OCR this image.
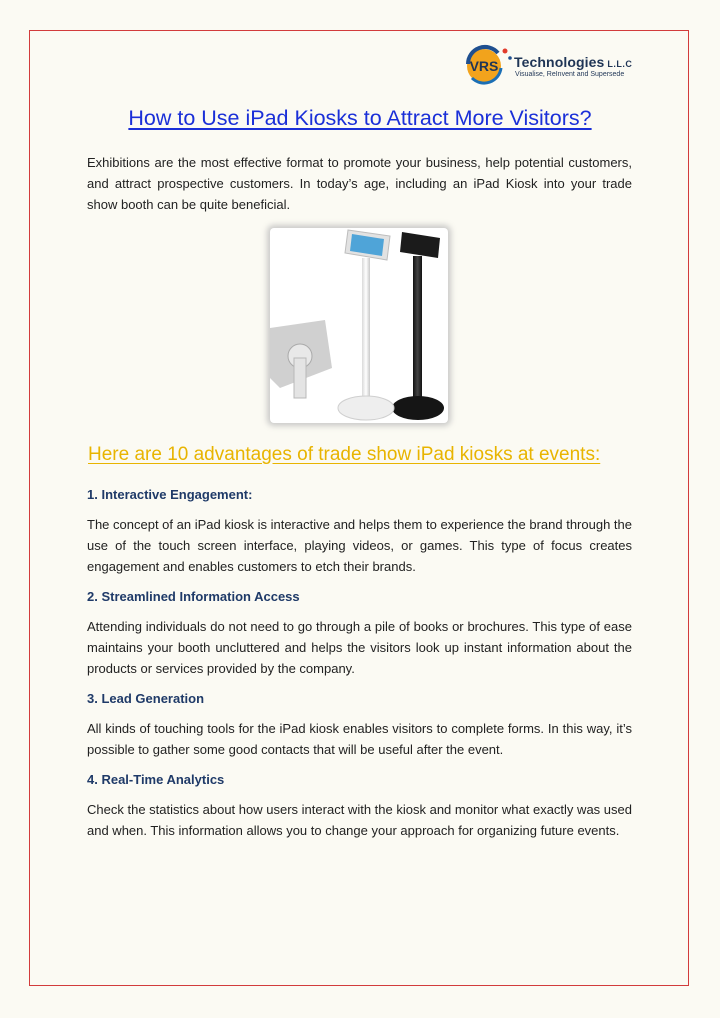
VRS Technologies L.L.C
Visualise, ReInvent and Supersede
How to Use iPad Kiosks to Attract More Visitors?

Exhibitions are the most effective format to promote your business, help potential customers, and attract prospective customers. In today’s age, including an iPad Kiosk into your trade show booth can be quite beneficial.

Here are 10 advantages of trade show iPad kiosks at events:
1. Interactive Engagement:

The concept of an iPad kiosk is interactive and helps them to experience the brand through the use of the touch screen interface, playing videos, or games. This type of focus creates engagement and enables customers to etch their brands.

2. Streamlined Information Access

Attending individuals do not need to go through a pile of books or brochures. This type of ease maintains your booth uncluttered and helps the visitors look up instant information about the products or services provided by the company.

3. Lead Generation

All kinds of touching tools for the iPad kiosk enables visitors to complete forms. In this way, it’s possible to gather some good contacts that will be useful after the event.

4. Real-Time Analytics

Check the statistics about how users interact with the kiosk and monitor what exactly was used and when. This information allows you to change your approach for organizing future events.
